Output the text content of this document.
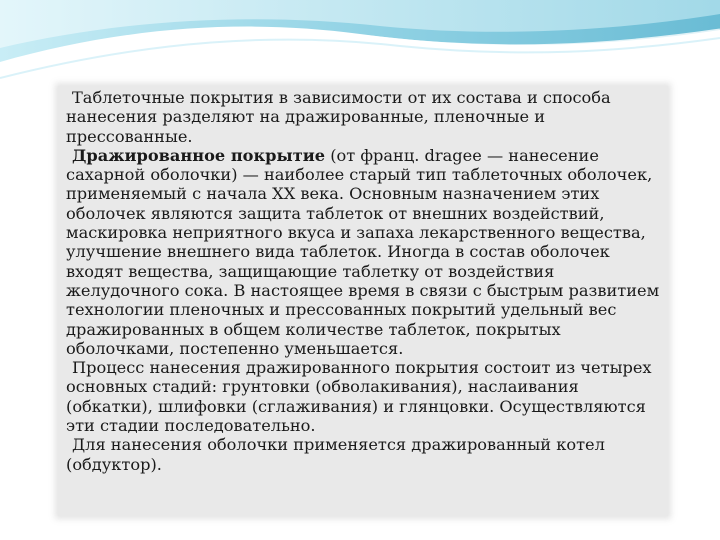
Таблеточные покрытия в зависимости от их состава и способа нанесения разделяют на дражированные, пленочные и прессованные.

Дражированное покрытие (от франц. dragee — нанесение сахарной оболочки) — наиболее старый тип таблеточных оболочек, применяемый с начала XX века. Основным назначением этих оболочек являются защита таблеток от внешних воздействий, маскировка неприятного вкуса и запаха лекарственного вещества, улучшение внешнего вида таблеток. Иногда в состав оболочек входят вещества, защищающие таблетку от воздействия желудочного сока. В настоящее время в связи с быстрым развитием технологии пленочных и прессованных покрытий удельный вес дражированных в общем количестве таблеток, покрытых оболочками, постепенно уменьшается.

Процесс нанесения дражированного покрытия состоит из четырех основных стадий: грунтовки (обволакивания), наслаивания (обкатки), шлифовки (сглаживания) и глянцовки. Осуществляются эти стадии последовательно.

Для нанесения оболочки применяется дражированный котел (обдуктор).
